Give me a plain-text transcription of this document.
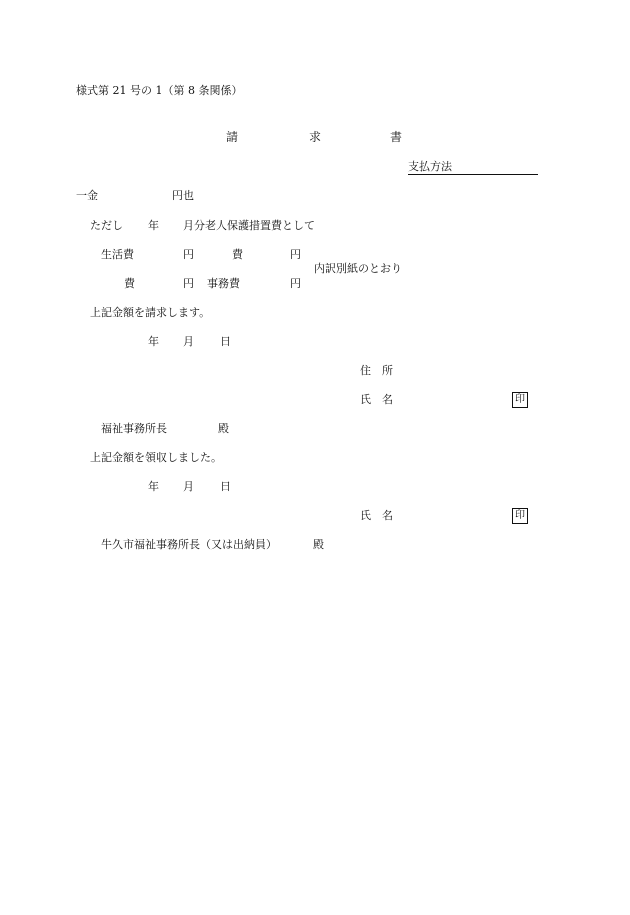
様式第 21 号の 1（第 8 条関係）
請	求	書
支払方法
一金	円也
ただし 年 月分老人保護措置費として
生活費	円	費	円
内訳別紙のとおり
費	円 事務費	円
上記金額を請求します。
年 月 日
住　所
氏　名	印
福祉事務所長	殿
上記金額を領収しました。
年 月 日
氏　名	印
牛久市福祉事務所長（又は出納員）	殿
